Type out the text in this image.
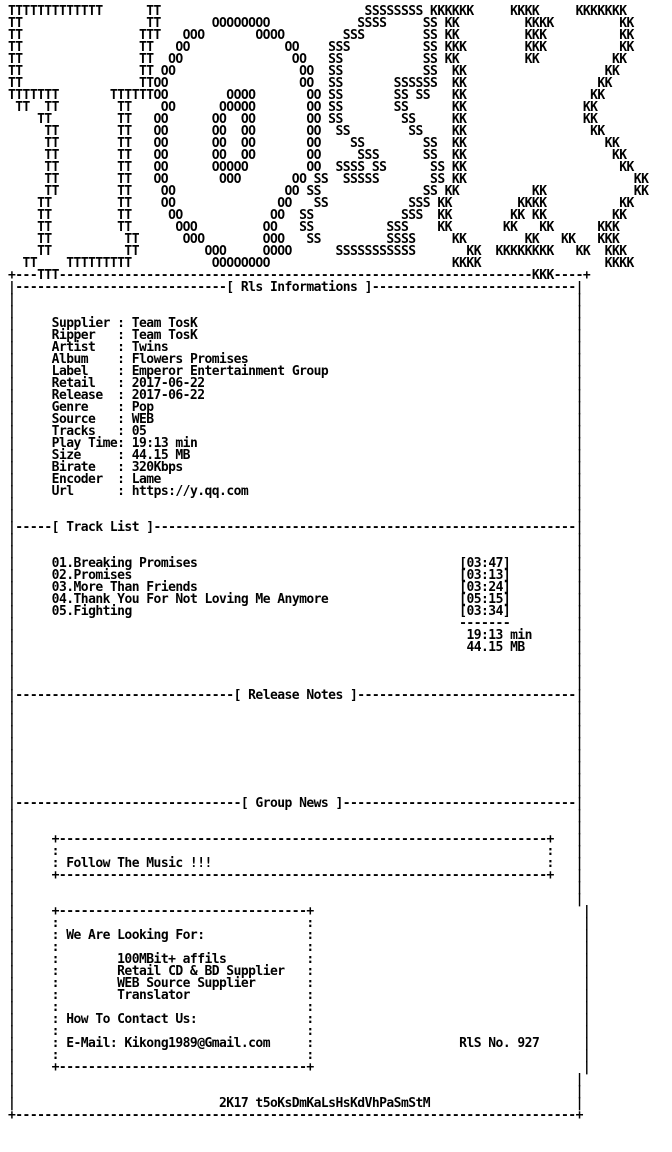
TTTTTTTTTTTTT      TT                            SSSSSSSS KKKKKK     KKKK     KKKKKKK
TT                 TT       OOOOOOOO            SSSS     SS KK         KKKK         KK
TT                TTT   OOO       OOOO        SSS        SS KK         KKK          KK
TT                TT   OO             OO    SSS          SS KKK        KKK          KK
TT                TT  OO               OO   SS           SS KK         KK          KK
TT                TT OO                 OO  SS           SS  KK                   KK
TT                TTOO                  OO  SS       SSSSSS  KK                  KK
TTTTTTT       TTTTTTOO        OOOO       OO SS       SS SS   KK                 KK
TT  TT        TT    OO      OOOOO       OO SS       SS      KK                KK
TT         TT   OO      OO  OO       OO SS        SS     KK                KK
TT        TT   OO      OO  OO       OO  SS        SS    KK                 KK
TT        TT   OO      OO  OO       OO    SS        SS  KK                   KK
TT        TT   OO      OO  OO       OO     SSS      SS  KK                    KK
TT        TT   OO      OOOOO        OO  SSSS SS      SS KK                     KK
TT        TT   OO       OOO       OO SS  SSSSS       SS KK                       KK
TT        TT    OO               OO SS              SS KK          KK            KK
TT         TT    OO              OO   SS           SSS KK         KKKK          KK
TT         TT     OO            OO  SS            SSS  KK        KK KK         KK
TT         TT      OOO         OO   SS          SSS    KK       KK   KK      KKK
TT          TT      OOO        OOO   SS         SSSS     KK        KK   KK   KKK
TT          TT         OOO     OOOO      SSSSSSSSSSS       KK  KKKKKKKK   KK  KKK
TT    TTTTTTTTT           OOOOOOOO                         KKKK                 KKKK
+---TTT-----------------------------------------------------------------KKK----+
|-----------------------------[ Rls Informations ]----------------------------|
|                                                                             |
|                                                                             |
|     Supplier : Team TosK                                                    |
|     Ripper   : Team TosK                                                    |
|     Artist   : Twins                                                        |
|     Album    : Flowers Promises                                             |
|     Label    : Emperor Entertainment Group                                  |
|     Retail   : 2017-06-22                                                   |
|     Release  : 2017-06-22                                                   |
|     Genre    : Pop                                                          |
|     Source   : WEB                                                          |
|     Tracks   : 05                                                           |
|     Play Time: 19:13 min                                                    |
|     Size     : 44.15 MB                                                     |
|     Birate   : 320Kbps                                                      |
|     Encoder  : Lame                                                         |
|     Url      : https://y.qq.com                                             |
|                                                                             |
|                                                                             |
|-----[ Track List ]----------------------------------------------------------|
|                                                                             |
|                                                                             |
|     01.Breaking Promises                                    [03:47]         |
|     02.Promises                                             [03:13]         |
|     03.More Than Friends                                    [03:24]         |
|     04.Thank You For Not Loving Me Anymore                  [05:15]         |
|     05.Fighting                                             [03:34]         |
|                                                             -------         |
|                                                              19:13 min      |
|                                                              44.15 MB       |
|                                                                             |
|                                                                             |
|                                                                             |
|------------------------------[ Release Notes ]------------------------------|
|                                                                             |
|                                                                             |
|                                                                             |
|                                                                             |
|                                                                             |
|                                                                             |
|                                                                             |
|                                                                             |
|-------------------------------[ Group News ]--------------------------------|
|                                                                             |
|                                                                             |
|     +-------------------------------------------------------------------+   |
|     :                                                                   :   |
|     : Follow The Music !!!                                              :   |
|     +-------------------------------------------------------------------+   |
|                                                                             |
|                                                                             |
|     +----------------------------------+                                     |
|     :                                  :                                     |
|     : We Are Looking For:              :                                     |
|     :                                  :                                     |
|     :	100MBit+ affils           :                                     |
|     :	Retail CD & BD Supplier   :                                     |
|     :	WEB Source Supplier       :                                     |
|     :	Translator                :                                     |
|     :                                  :                                     |
|     : How To Contact Us:               :                                     |
|     :                                  :                                     |
|     : E-Mail: Kikong1989@Gmail.com     :                    RlS No. 927      |
|     :                                  :                                     |
|     +----------------------------------+                                     |
|                                                                             |
|                                                                             |
|                            2K17 t5oKsDmKaLsHsKdVhPaSmStM                    |
+-----------------------------------------------------------------------------+
